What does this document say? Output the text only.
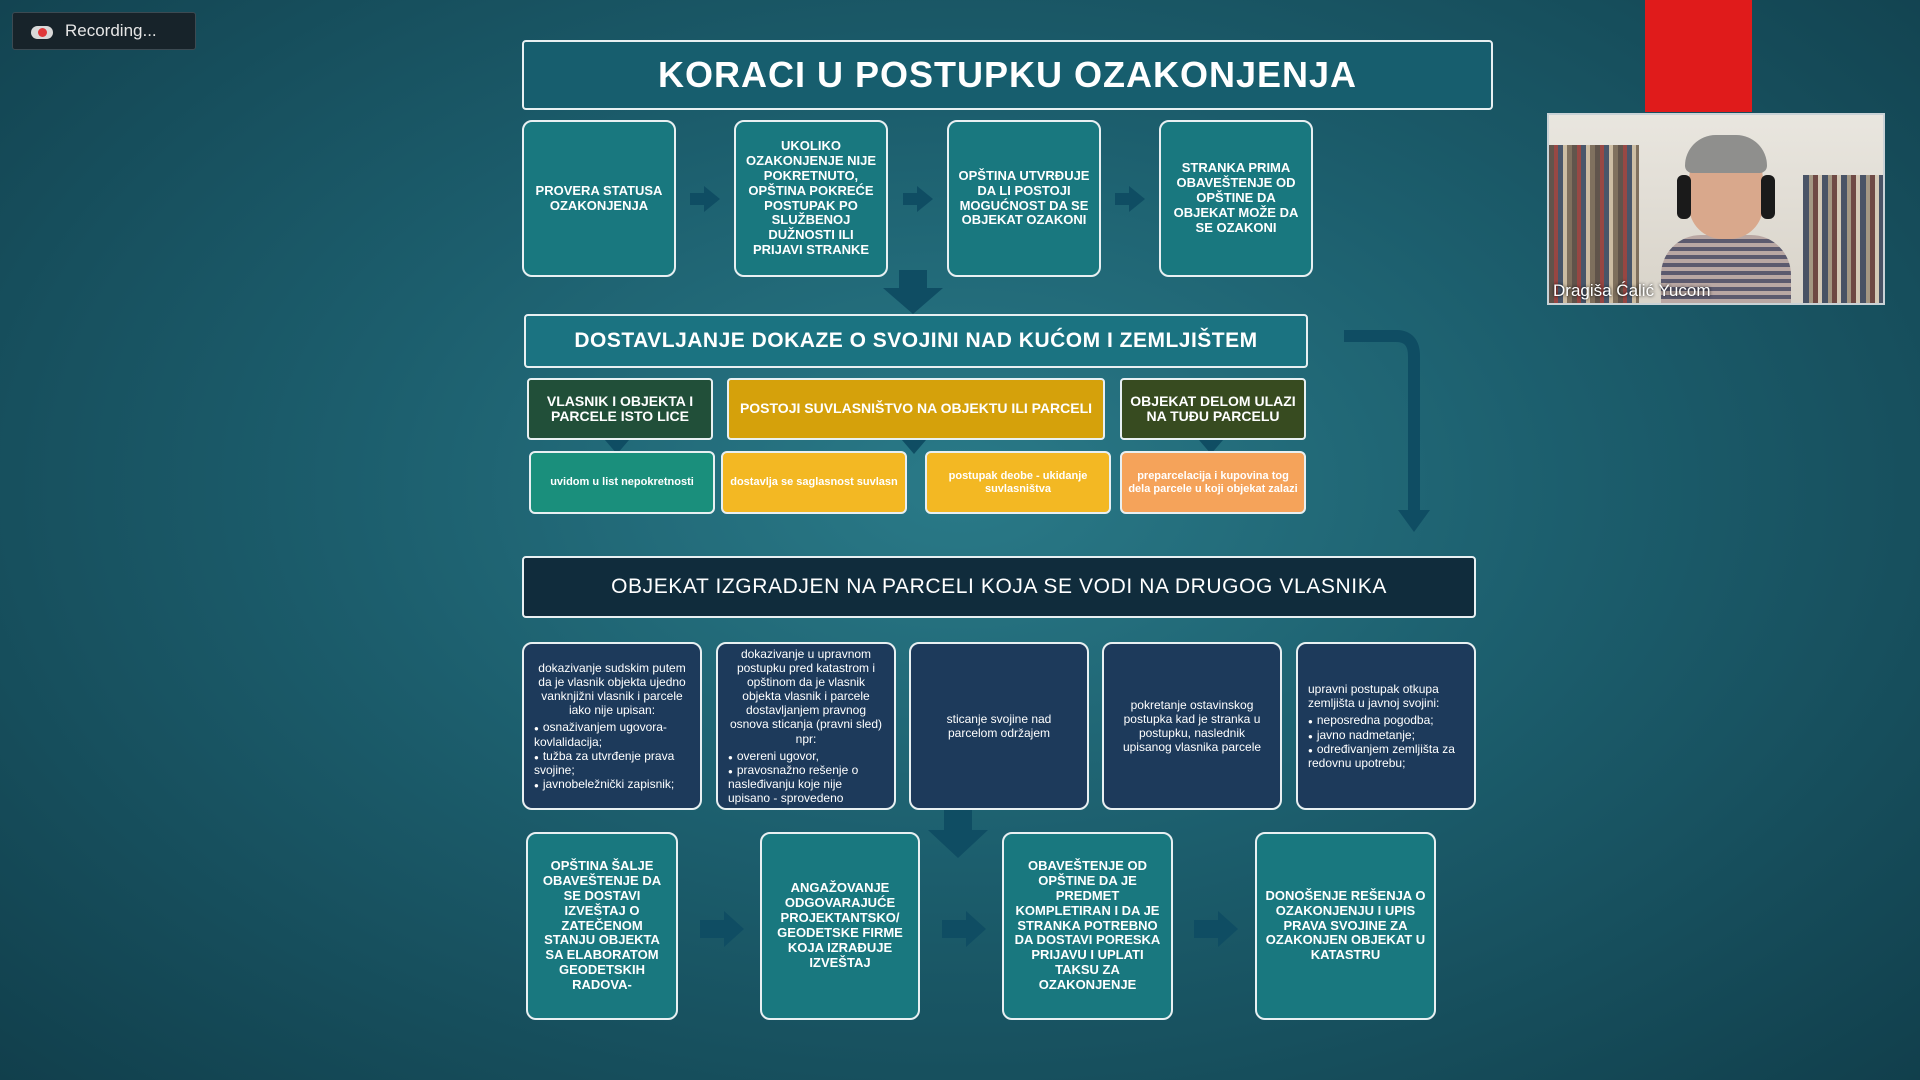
Recording...
Dragiša Ćalić Yucom
KORACI U POSTUPKU OZAKONJENJA
PROVERA STATUSA OZAKONJENJA
UKOLIKO OZAKONJENJE NIJE POKRETNUTO, OPŠTINA POKREĆE POSTUPAK PO SLUŽBENOJ DUŽNOSTI ILI PRIJAVI STRANKE
OPŠTINA UTVRĐUJE DA LI POSTOJI MOGUĆNOST DA SE OBJEKAT OZAKONI
STRANKA PRIMA OBAVEŠTENJE OD OPŠTINE DA OBJEKAT MOŽE DA SE OZAKONI
DOSTAVLJANJE DOKAZE O SVOJINI NAD KUĆOM I ZEMLJIŠTEM
VLASNIK I OBJEKTA I PARCELE ISTO LICE	POSTOJI SUVLASNIŠTVO NA OBJEKTU ILI PARCELI	OBJEKAT DELOM ULAZI NA TUĐU PARCELU
uvidom u list nepokretnosti	dostavlja se saglasnost suvlasn
postupak deobe - ukidanje suvlasništva
preparcelacija i kupovina tog dela parcele u koji objekat zalazi
OBJEKAT IZGRADJEN NA PARCELI KOJA SE VODI NA DRUGOG VLASNIKA
dokazivanje sudskim putem da je vlasnik objekta ujedno vanknjižni vlasnik i parcele iako nije upisan:
● osnaživanjem ugovora- kovlalidacija;
● tužba za utvrđenje prava svojine;
● javnobeležnički zapisnik;
dokazivanje u upravnom postupku pred katastrom i opštinom da je vlasnik objekta vlasnik i parcele dostavljanjem pravnog osnova sticanja (pravni sled) npr:
● overeni ugovor,
● pravosnažno rešenje o nasleđivanju koje nije upisano - sprovedeno
sticanje svojine nad parcelom održajem
pokretanje ostavinskog postupka kad je stranka u postupku, naslednik upisanog vlasnika parcele
upravni postupak otkupa zemljišta u javnoj svojini:
● neposredna pogodba;
● javno nadmetanje;
● određivanjem zemljišta za redovnu upotrebu;
OPŠTINA ŠALJE OBAVEŠTENJE DA SE DOSTAVI IZVEŠTAJ O ZATEČENOM STANJU OBJEKTA SA ELABORATOM GEODETSKIH RADOVA-
ANGAŽOVANJE ODGOVARAJUĆE PROJEKTANTSKO/ GEODETSKE FIRME KOJA IZRAĐUJE IZVEŠTAJ
OBAVEŠTENJE OD OPŠTINE DA JE PREDMET KOMPLETIRAN I DA JE STRANKA POTREBNO DA DOSTAVI PORESKA PRIJAVU I UPLATI TAKSU ZA OZAKONJENJE
DONOŠENJE REŠENJA O OZAKONJENJU I UPIS PRAVA SVOJINE ZA OZAKONJEN OBJEKAT U KATASTRU
